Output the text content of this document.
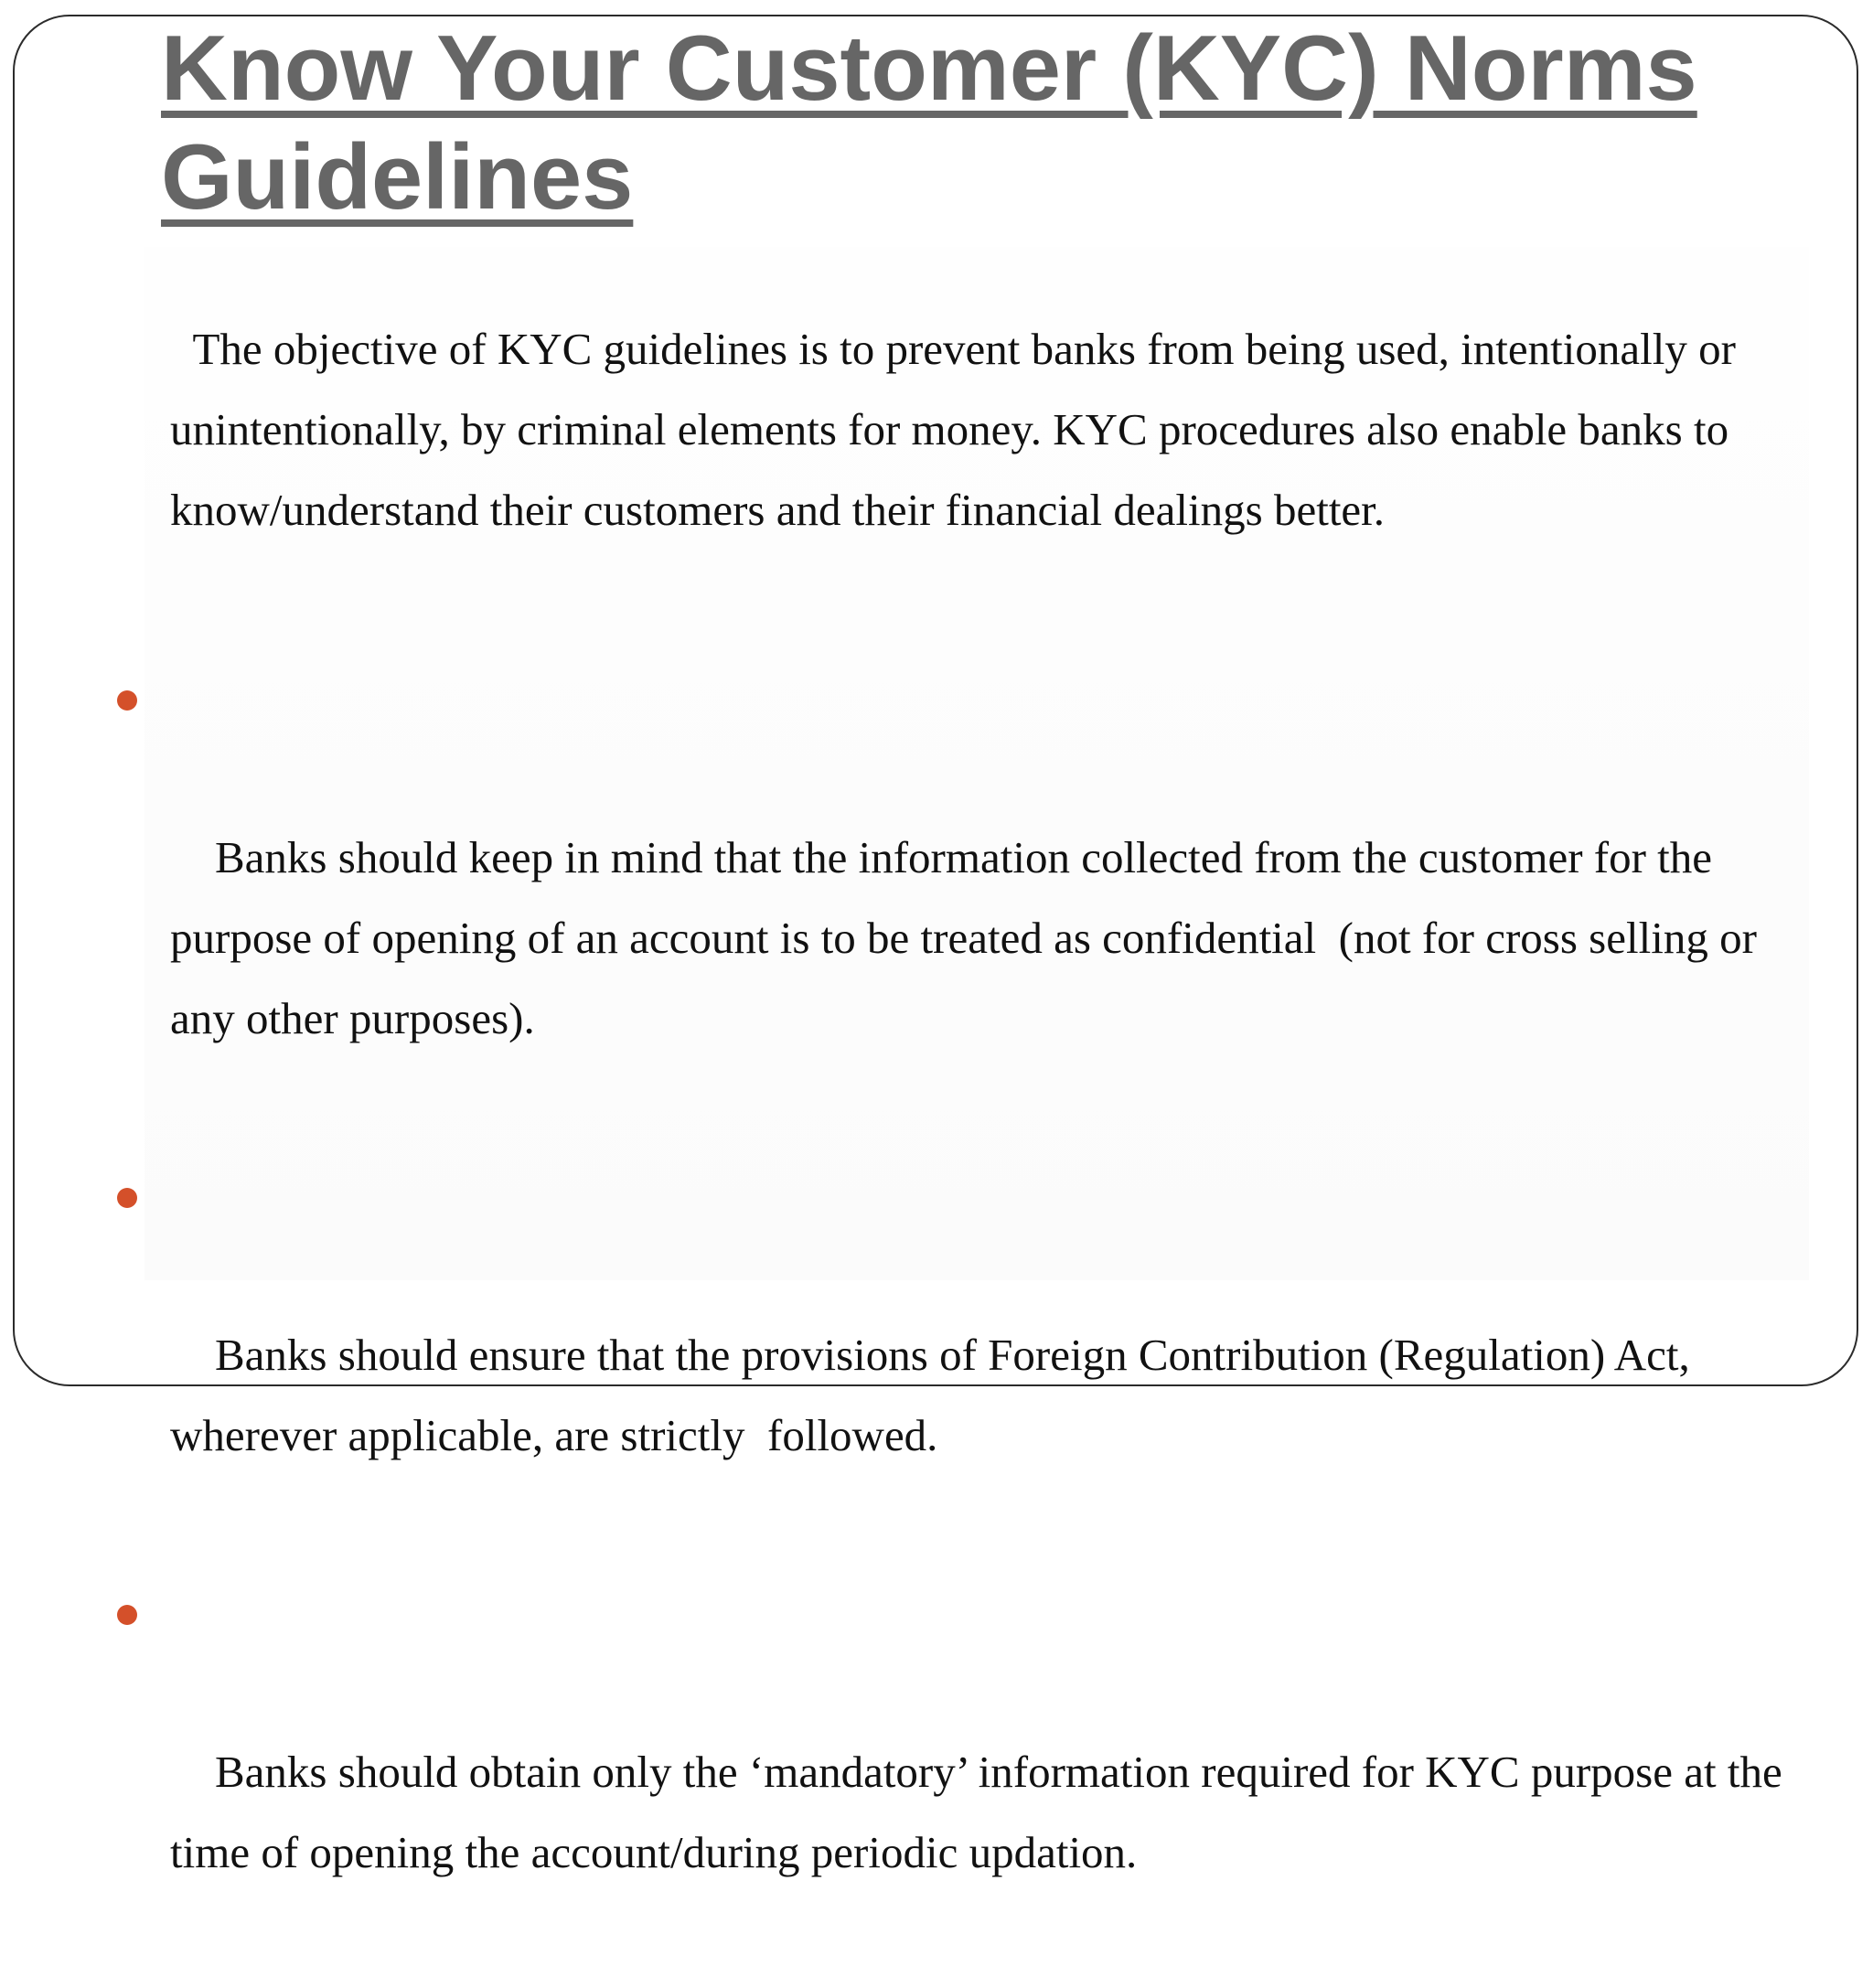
Know Your Customer (KYC) Norms Guidelines

The objective of KYC guidelines is to prevent banks from being used, intentionally or unintentionally, by criminal elements for money. KYC procedures also enable banks to know/understand their customers and their financial dealings better.

Banks should keep in mind that the information collected from the customer for the purpose of opening of an account is to be treated as confidential  (not for cross selling or any other purposes).

Banks should ensure that the provisions of Foreign Contribution (Regulation) Act, wherever applicable, are strictly  followed.

Banks should obtain only the ‘mandatory’ information required for KYC purpose at the time of opening the account/during periodic updation.
